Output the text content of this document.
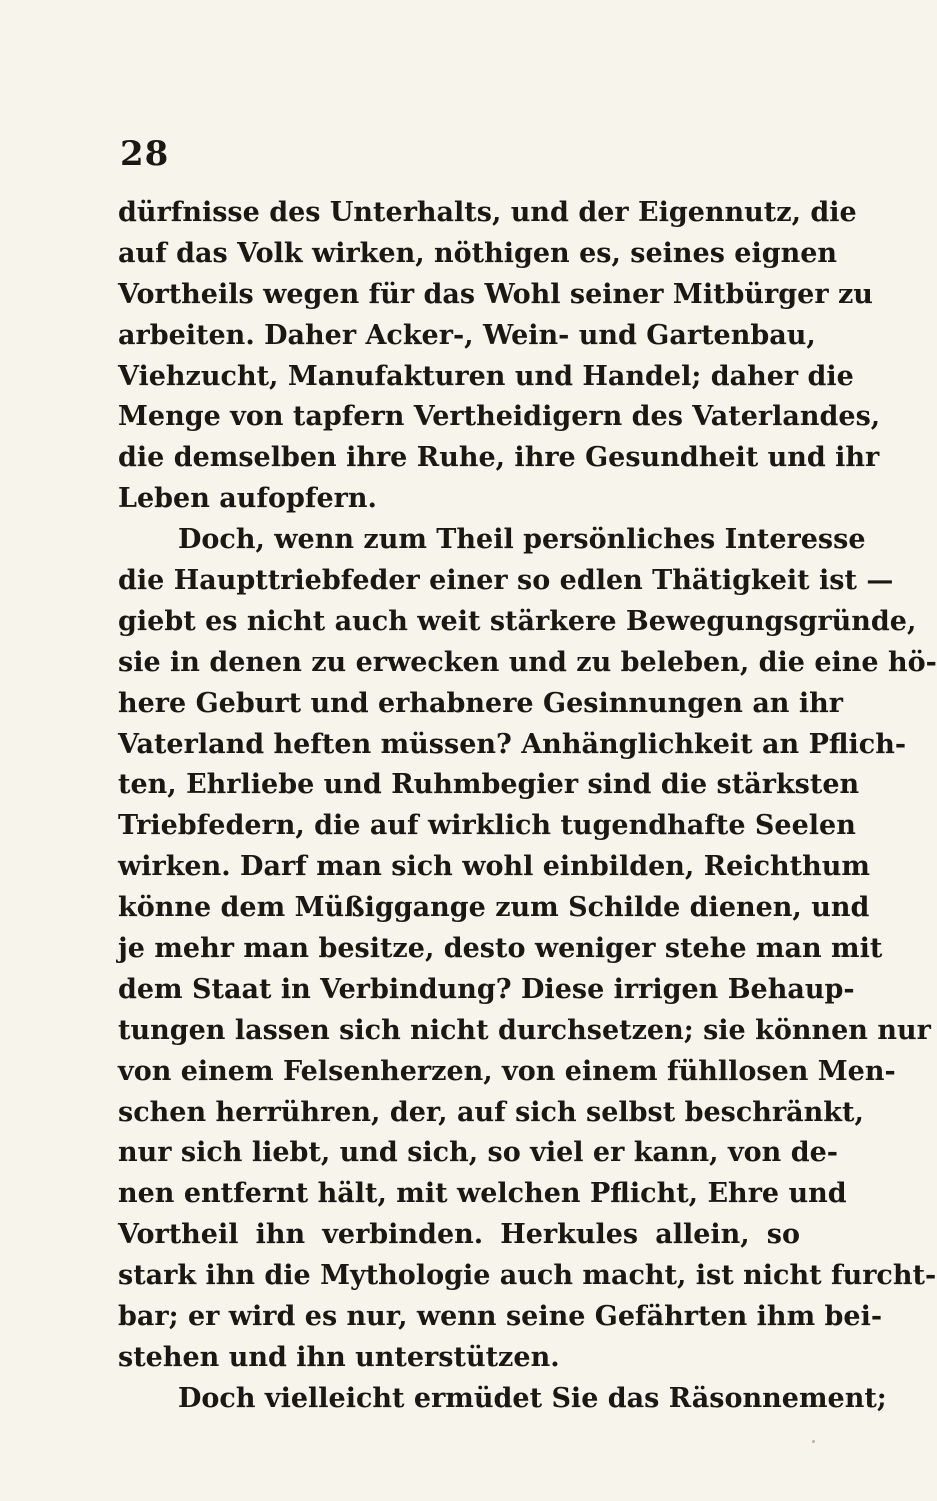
28
dürfnisse des Unterhalts, und der Eigennutz, die
auf das Volk wirken, nöthigen es, seines eignen
Vortheils wegen für das Wohl seiner Mitbürger zu
arbeiten. Daher Acker-, Wein- und Gartenbau,
Viehzucht, Manufakturen und Handel; daher die
Menge von tapfern Vertheidigern des Vaterlandes,
die demselben ihre Ruhe, ihre Gesundheit und ihr
Leben aufopfern.
Doch, wenn zum Theil persönliches Interesse
die Haupttriebfeder einer so edlen Thätigkeit ist —
giebt es nicht auch weit stärkere Bewegungsgründe,
sie in denen zu erwecken und zu beleben, die eine hö-
here Geburt und erhabnere Gesinnungen an ihr
Vaterland heften müssen? Anhänglichkeit an Pflich-
ten, Ehrliebe und Ruhmbegier sind die stärksten
Triebfedern, die auf wirklich tugendhafte Seelen
wirken. Darf man sich wohl einbilden, Reichthum
könne dem Müßiggange zum Schilde dienen, und
je mehr man besitze, desto weniger stehe man mit
dem Staat in Verbindung? Diese irrigen Behaup-
tungen lassen sich nicht durchsetzen; sie können nur
von einem Felsenherzen, von einem fühllosen Men-
schen herrühren, der, auf sich selbst beschränkt,
nur sich liebt, und sich, so viel er kann, von de-
nen entfernt hält, mit welchen Pflicht, Ehre und
Vortheil ihn verbinden. Herkules allein, so
stark ihn die Mythologie auch macht, ist nicht furcht-
bar; er wird es nur, wenn seine Gefährten ihm bei-
stehen und ihn unterstützen.
Doch vielleicht ermüdet Sie das Räsonnement;
